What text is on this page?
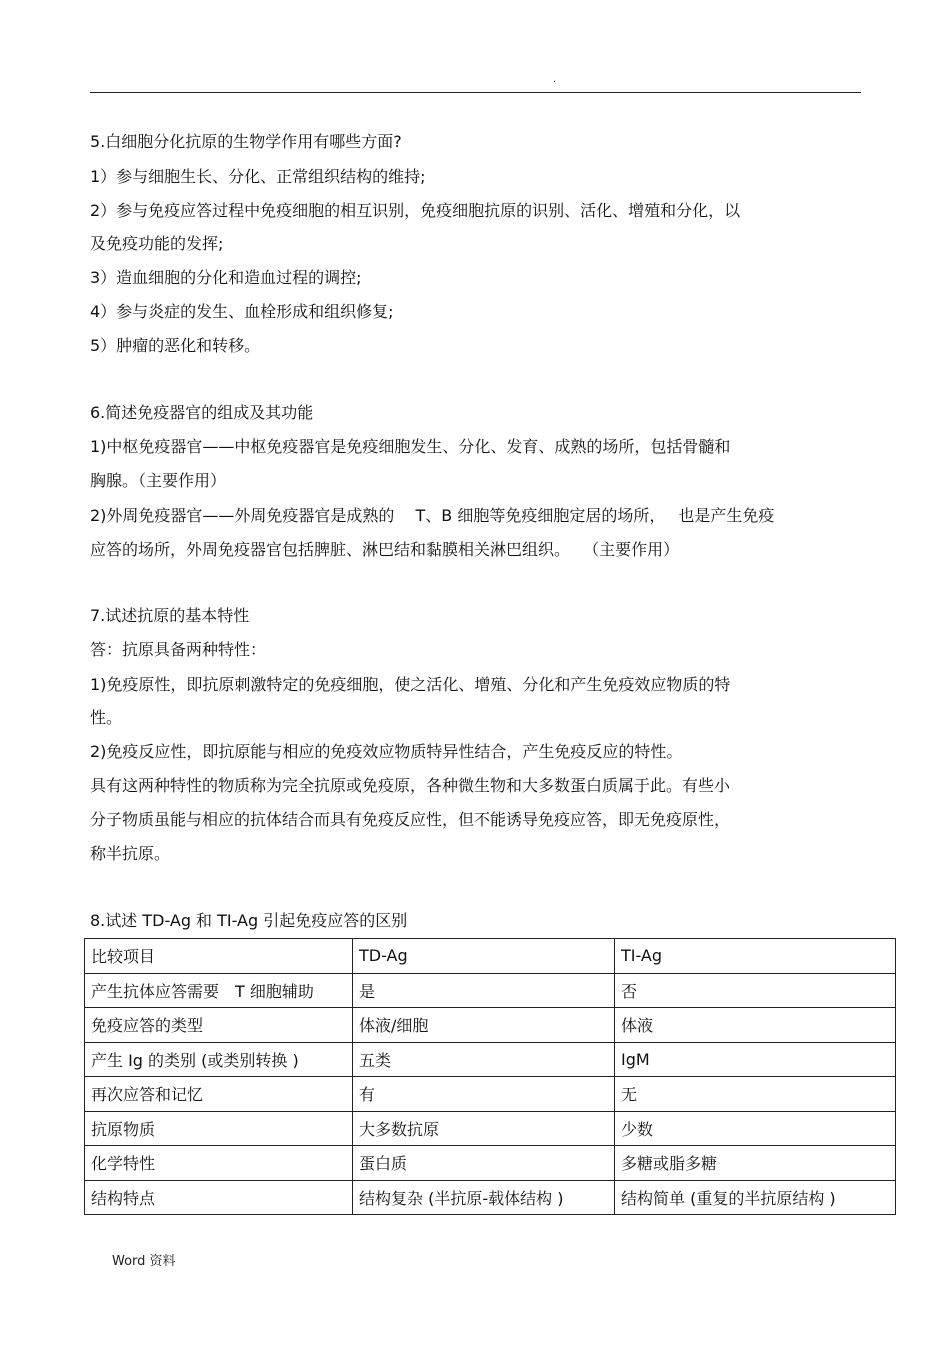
.
5.白细胞分化抗原的生物学作用有哪些方面?
1）参与细胞生长、分化、正常组织结构的维持;
2）参与免疫应答过程中免疫细胞的相互识别，免疫细胞抗原的识别、活化、增殖和分化，以
及免疫功能的发挥;
3）造血细胞的分化和造血过程的调控;
4）参与炎症的发生、血栓形成和组织修复;
5）肿瘤的恶化和转移。
6.简述免疫器官的组成及其功能
1)中枢免疫器官——中枢免疫器官是免疫细胞发生、分化、发育、成熟的场所，包括骨髓和
胸腺。（主要作用）
2)外周免疫器官——外周免疫器官是成熟的　 T、B 细胞等免疫细胞定居的场所，　 也是产生免疫
应答的场所，外周免疫器官包括脾脏、淋巴结和黏膜相关淋巴组织。　 （主要作用）
7.试述抗原的基本特性
答：抗原具备两种特性：
1)免疫原性，即抗原刺激特定的免疫细胞，使之活化、增殖、分化和产生免疫效应物质的特
性。
2)免疫反应性，即抗原能与相应的免疫效应物质特异性结合，产生免疫反应的特性。
具有这两种特性的物质称为完全抗原或免疫原，各种微生物和大多数蛋白质属于此。有些小
分子物质虽能与相应的抗体结合而具有免疫反应性，但不能诱导免疫应答，即无免疫原性，
称半抗原。
8.试述 TD-Ag 和 TI-Ag 引起免疫应答的区别
比较项目	TD-Ag	TI-Ag
产生抗体应答需要　T 细胞辅助	是	否
免疫应答的类型	体液/细胞	体液
产生 Ig 的类别 (或类别转换 )	五类	IgM
再次应答和记忆	有	无
抗原物质	大多数抗原	少数
化学特性	蛋白质	多糖或脂多糖
结构特点	结构复杂 (半抗原-载体结构 )	结构简单 (重复的半抗原结构 )
Word 资料
